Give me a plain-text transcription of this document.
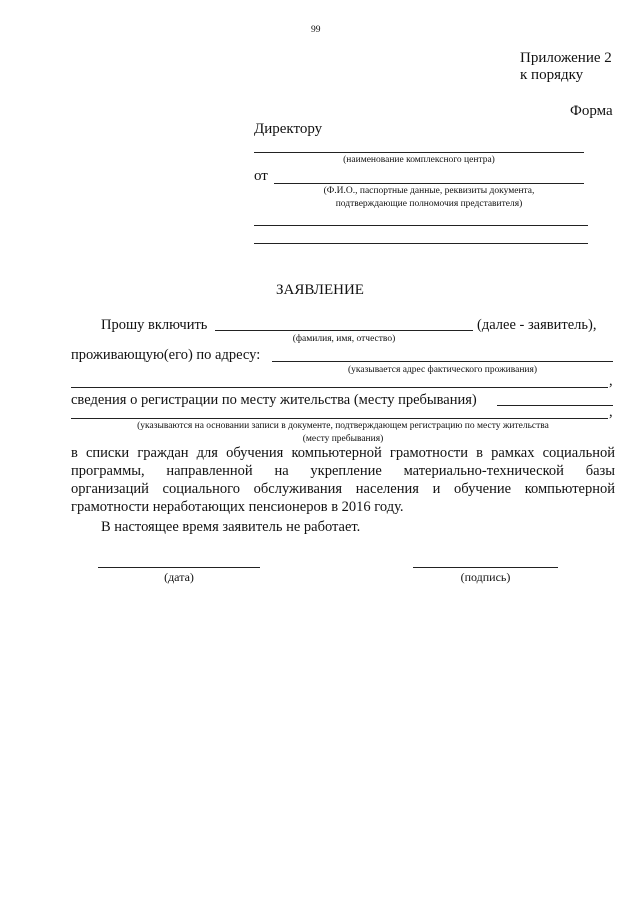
99
Приложение 2
к порядку
Форма
Директору
(наименование комплексного центра)
от
(Ф.И.О., паспортные данные, реквизиты документа,
подтверждающие полномочия представителя)
ЗАЯВЛЕНИЕ
Прошу включить	(далее - заявитель),
(фамилия, имя, отчество)
проживающую(его) по адресу:
(указывается адрес фактического проживания)
,
сведения о регистрации по месту жительства (месту пребывания)
,
(указываются на основании записи в документе, подтверждающем регистрацию по месту жительства
(месту пребывания)
в списки граждан для обучения компьютерной грамотности в рамках социальной
программы, направленной на укрепление материально-технической базы
организаций социального обслуживания населения и обучение компьютерной
грамотности неработающих пенсионеров в 2016 году.
В настоящее время заявитель не работает.
(дата)	(подпись)
